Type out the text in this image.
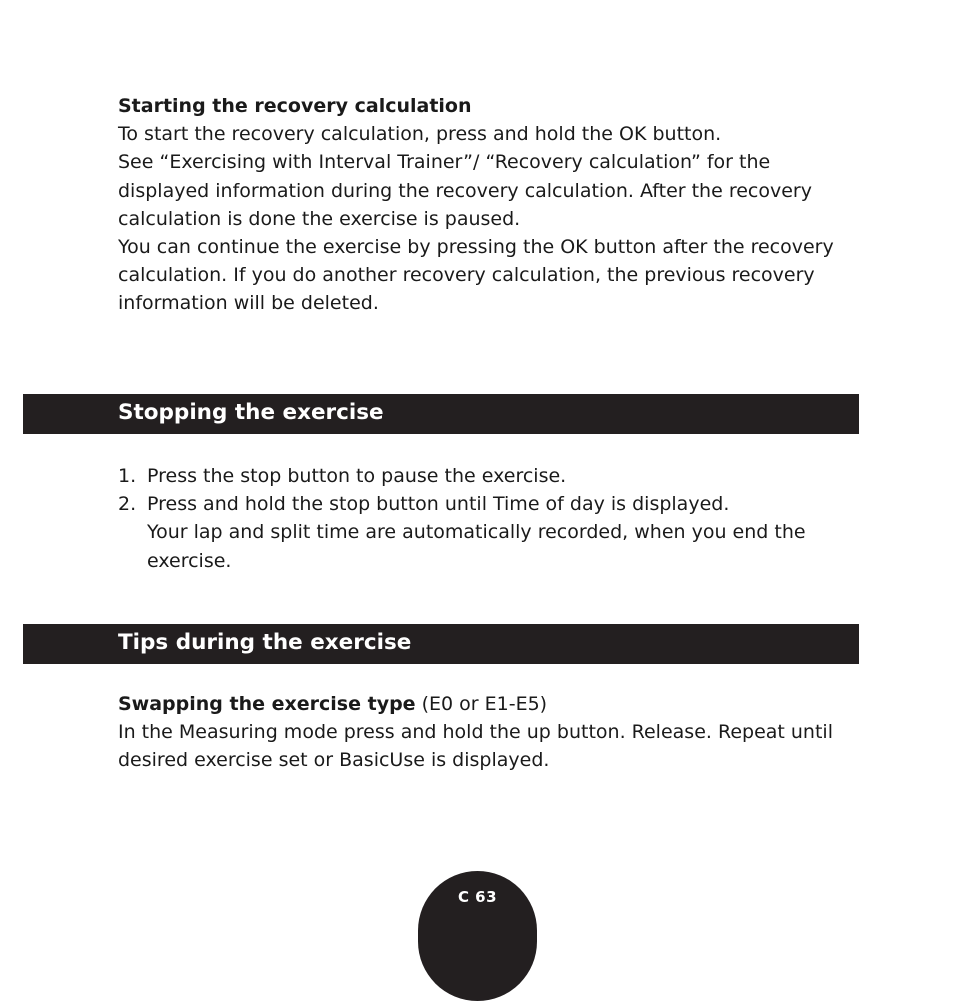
Starting the recovery calculation

To start the recovery calculation, press and hold the OK button.

See “Exercising with Interval Trainer”/ “Recovery calculation” for the

displayed information during the recovery calculation. After the recovery

calculation is done the exercise is paused.

You can continue the exercise by pressing the OK button after the recovery

calculation. If you do another recovery calculation, the previous recovery

information will be deleted.

Stopping the exercise
1. Press the stop button to pause the exercise.
2. Press and hold the stop button until Time of day is displayed.
Your lap and split time are automatically recorded, when you end the
exercise.
Tips during the exercise

Swapping the exercise type (E0 or E1-E5)

In the Measuring mode press and hold the up button. Release. Repeat until

desired exercise set or BasicUse is displayed.

C 63
